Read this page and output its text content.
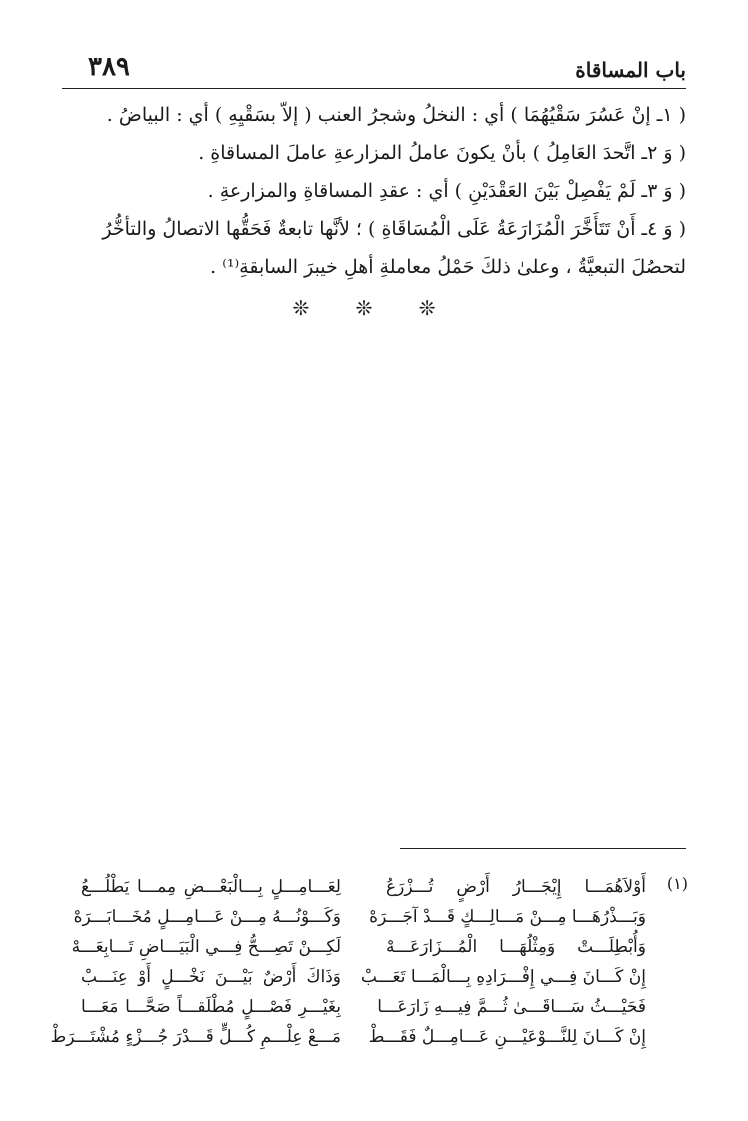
باب المساقاة
٣٨٩
( ١ـ إنْ عَسُرَ سَقْيُهُمَا ) أي : النخلُ وشجرُ العنب ( إلاّ بسَقْيِهِ ) أي : البياضُ .
( وَ ٢ـ اتَّحدَ العَامِلُ ) بأنْ يكونَ عاملُ المزارعةِ عاملَ المساقاةِ .
( وَ ٣ـ لَمْ يَفْصِلْ بَيْنَ العَقْدَيْنِ ) أي : عقدِ المساقاةِ والمزارعةِ .
( وَ ٤ـ أَنْ تَتَأَخَّرَ الْمُزَارَعَةُ عَلَى الْمُسَاقَاةِ ) ؛ لأنَّها تابعةٌ فَحَقُّها الاتصالُ والتأخُّرُ
لتحصُلَ التبعيَّةُ ، وعلىٰ ذلكَ حَمْلُ معاملةِ أهلِ خيبرَ السابقةِ⁽¹⁾ .
❊ ❊ ❊
(١)
أَوْلاَهُمَـــا إِيْجَـــارُ أَرْضٍ تُـــزْرَعُلِعَـــامِـــلٍ بِـــالْبَعْـــضِ مِمـــا يَطْلُـــعُ
وَبَـــذْرُهَـــا مِـــنْ مَـــالِـــكٍ قَـــدْ آجَـــرَهْوَكَـــوْنُـــهُ مِـــنْ عَـــامِـــلٍ مُخَـــابَـــرَهْ
وَأُبْطِلَـــتْ وَمِثْلُهَـــا الْمُـــزَارَعَـــهْلَكِـــنْ تَصِـــحُّ فِـــي الْبَيَـــاضِ تَـــابِعَـــهْ
إِنْ كَـــانَ فِـــي إِفْـــرَادِهِ بِـــالْمَـــا تَعَـــبْوَذَاكَ أَرْضٌ بَيْـــنَ نَخْـــلٍ أَوْ عِنَـــبْ
فَحَيْـــثُ سَـــاقَـــىٰ ثُـــمَّ فِيـــهِ زَارَعَـــابِغَيْـــرِ فَصْـــلٍ مُطْلَقـــاً صَحَّـــا مَعَـــا
إِنْ كَـــانَ لِلنَّـــوْعَيْـــنِ عَـــامِـــلٌ فَقَـــطْمَـــعْ عِلْـــمِ كُـــلٍّ قَـــدْرَ جُـــزْءٍ مُشْتَـــرَطْ
